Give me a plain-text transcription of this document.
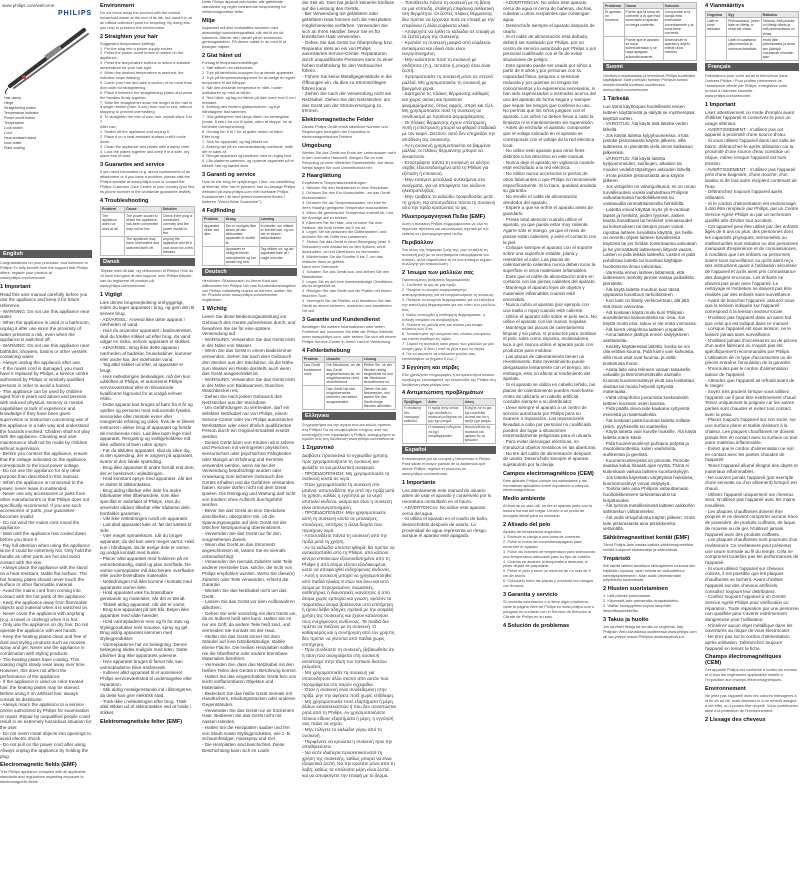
www.philips.com/welcome
PHILIPS
Hair clamp
Hinge
Straightening plates
Temperature indicator
Power on/off button
Temperature
Lock switch
Cord
Heat-resistant stand
Ionic outlet
Plate coating
English
Congratulations on your purchase, and welcome to Philips! To fully benefit from the support that Philips offers, register your product at www.philips.com/welcome.
1 Important
Read this user manual carefully before you use the appliance and keep it for future reference.
- WARNING: Do not use this appliance near water.
- When the appliance is used in a bathroom, unplug it after use since the proximity of water presents a risk, even when the appliance is switched off.
- WARNING: Do not use this appliance near bathtubs, showers, basins or other vessels containing water.
- Always unplug the appliance after use.
- If the mains cord is damaged, you must have it replaced by Philips, a service centre authorised by Philips or similarly qualified persons in order to avoid a hazard.
- This appliance can be used by children aged from 8 years and above and persons with reduced physical, sensory or mental capabilities or lack of experience and knowledge if they have been given supervision or instruction concerning use of the appliance in a safe way and understand the hazards involved. Children shall not play with the appliance. Cleaning and user maintenance shall not be made by children without supervision.
- Before you connect the appliance, ensure that the voltage indicated on the appliance corresponds to the local power voltage.
- Do not use the appliance for any other purpose than described in this manual.
- When the appliance is connected to the power, never leave it unattended.
- Never use any accessories or parts from other manufacturers or that Philips does not specifically recommend. If you use such accessories or parts, your guarantee becomes invalid.
- Do not wind the mains cord round the appliance.
- Wait until the appliance has cooled down before you store it.
- Pay full attention when using the appliance since it could be extremely hot. Only hold the handle as other parts are hot and avoid contact with the skin.
- Always place the appliance with the stand on a heat-resistant, stable flat surface. The hot heating plates should never touch the surface or other flammable material.
- Avoid the mains cord from coming into contact with the hot parts of the appliance.
- Keep the appliance away from flammable objects and material when it is switched on.
- Never cover the appliance with anything (e.g. a towel or clothing) when it is hot.
- Only use the appliance on dry hair. Do not operate the appliance with wet hands.
- Keep the heating plates clean and free of dust and styling products such as mousse, spray and gel. Never use the appliance in combination with styling products.
- The heating plates have coating. This coating might slowly wear away over time. However, this does not affect the performance of the appliance.
- If the appliance is used on color-treated hair, the heating plates may be stained. Before using it on artificial hair, always consult its distributor.
- Always return the appliance to a service centre authorized by Philips for examination or repair. Repair by unqualified people could result in an extremely hazardous situation for the user.
- Do not insert metal objects into openings to avoid electric shock.
- Do not pull on the power cord after using. Always unplug the appliance by holding the plug.
Electromagnetic fields (EMF)
This Philips appliance complies with all applicable standards and regulations regarding exposure to electromagnetic fields.
Environment
Do not throw away the product with the normal household waste at the end of its life, but hand it in at an official collection point for recycling. By doing this, you help to preserve the environment.
2 Straighten your hair
Suggested temperature settings
1  Put the plug into a power supply socket.
2  Press the power on/off button to switch on the appliance.
3  Press the temperature buttons to select a suitable temperature for your hair type.
4  When the desired temperature is reached, the indicator stops flashing.
5  Comb your hair and take a section of no more than 5cm wide for straightening.
6  Place it between the straightening plates and press the handles firmly together.
7  Slide the straightener down the length of the hair in a single motion (max. 5 sec) from root to end, without stopping to prevent overheating.
8  To straighten the rest of your hair, repeat steps 5 to 7.
After use:
1  Switch off the appliance and unplug it.
2  Place it on a heat-resistant surface until it cools down.
3  Clean the appliance and plates with a damp cloth.
4  Lock the plates together and keep it in a safe, dry place free of dust.
3 Guarantee and service
If you need information e.g. about replacement of an attachment or if you have a problem, please visit the Philips website at www.philips.com or contact the Philips Customer Care Centre in your country (you find its phone number in the worldwide guarantee leaflet).
4 Troubleshooting
Problem	Cause	Solution
The appliance does not work at all.	The power socket to which the appliance has been connected may not be live.	Check if the plug is connected correctly and the power socket is live.
	The appliance may have overheated and switched itself off.	Unplug the appliance and let it cool down for a few minutes.
Dansk
Tillykke med dit køb, og velkommen til Philips! Hvis du vil have fuld gavn af den support, som Philips tilbyder, kan du registrere dit produkt på www.philips.com/welcome.
1 Vigtigt
Læs denne brugsvejledning omhyggeligt, inden du tager apparatet i brug, og gem den til senere brug.
- ADVARSEL: Anvend ikke dette apparat i nærheden af vand.
- Hvis du anvender apparatet i badeværelset, skal du trække stikket ud efter brug, da vand udgør en risiko, selvom apparatet er slukket.
- ADVARSEL: Brug ikke dette apparat i nærheden af badekar, brusekabiner, kummer eller andre kar, der indeholder vand.
- Tag altid stikket ud efter, at apparatet er brugt.
- Hvis netledningen beskadiges, må den kun udskiftes af Philips, et autoriseret Philips serviceværksted eller en tilsvarende kvalificeret fagmand for at undgå enhver risiko.
- Dette apparat kan bruges af børn fra 8 år og opefter og personer med reducerede fysiske, sensoriske eller mentale evner eller manglende erfaring og viden, hvis de er blevet instrueret i sikker brug af apparatet og forstår de involverede risici. Lad ikke børn lege med apparatet. Rengøring og vedligeholdelse må ikke udføres af børn uden opsyn.
- Før du tilslutter apparatet, skal du sikre dig, at den spænding, der er angivet på apparatet, svarer til den lokale spænding.
- Brug ikke apparatet til andre formål end dem, der er beskrevet i vejledningen.
- Hold konstant opsyn med apparatet, når det er sluttet til stikkontakten.
- Brug aldrig tilbehør eller dele fra andre fabrikanter eller tilbehør/dele, som ikke specifikt er anbefalet af Philips. Hvis du anvender sådant tilbehør eller sådanne dele, bortfalder garantien.
- Vikl ikke netledningen rundt om apparatet.
- Lad altid apparatet køle af, før det sættes til side.
- Vær meget opmærksom, når du bruger apparatet, da det kan være meget varmt. Hold kun i håndtaget, da de øvrige dele er varme, og undgå kontakt med huden.
- Placer altid apparatet med holderen på en varmebestandig, stabil og plan overflade. De varme varmeplader må ikke berøre overfladen eller andre brændbare materialer.
- Netledningen må ikke komme i kontakt med apparatets varme dele.
- Hold apparatet væk fra brændbare genstande og materialer, når det er tændt.
- Tildæk aldrig apparatet, når det er varmt.
- Brug kun apparatet på tørt hår. Betjen ikke apparatet med våde hænder.
- Hold varmepladerne rene og fri for støv og stylingprodukter som mousse, spray og gel. Brug aldrig apparatet sammen med stylingprodukter.
- Varmepladerne har en belægning. Denne belægning slides muligvis med tiden. Dette påvirker dog ikke apparatets ydeevne.
- Hvis apparatet bruges til farvet hår, kan varmepladerne blive misfarvede.
- Indlever altid apparatet til et autoriseret Philips serviceværksted til undersøgelse eller reparation.
- Stik aldrig metalgenstande ind i åbningerne, da dette kan give elektrisk stød.
- Træk ikke i netledningen efter brug. Træk altid stikket ud af stikkontakten ved at holde i stikket.
Elektromagnetiske felter (EMF)
Dette Philips apparat overholder alle gældende standarder og regler vedrørende eksponering for elektromagnetiske felter.
Miljø
Apparatet må ikke bortskaffes sammen med almindeligt husholdningsaffald, når det til sin tid kasseres. Aflever det i stedet på en kommunal genbrugsstation. På denne måde er du med til at beskytte miljøet.
2 Glat håret ud
Forslag til temperaturindstillinger
1  Sæt stikket i en stikkontakt.
2  Tryk på tænd/sluk-knappen for at tænde apparatet.
3  Tryk på temperaturknapperne for at vælge en egnet temperatur til din hårtype.
4  Når den ønskede temperatur er nået, holder indikatoren op med at blinke.
5  Red håret, og tag en hårlok på ikke mere end 5 cm i bredden.
6  Anbring den mellem glattepladerne, og tryk håndtagene fast sammen.
7  Glid glattejernet ned langs håret i én bevægelse (maks. 5 sek.) fra rod til spids, uden at stoppe, for at forhindre overophedning.
8  Gentag trin 5 til 7 for at glatte resten af håret.
Efter brug:
1  Sluk for apparatet, og tag stikket ud.
2  Anbring det på en varmebestandig overflade, indtil det er kølet af.
3  Rengør apparatet og pladerne med en fugtig klud.
4  Lås pladerne sammen, og opbevar apparatet på et sikkert, tørt og støvfrit sted.
3 Garanti og service
Hvis du har brug for oplysninger, f.eks. om udskiftning af tilbehør, eller har et problem, kan du besøge Philips' websted på www.philips.com eller kontakte Philips Kundecenter i dit land (telefonnummeret findes i folderen "World-Wide Guarantee").
4 Fejlfinding
Problem	Årsag	Løsning
Apparatet virker slet ikke.	Der er muligvis ikke strøm på den stikkontakt, apparatet er sluttet til.	Kontrollér, om stikket er korrekt isat, og om der er strøm i stikkontakten.
	Apparatet er muligvis blevet overophedet og har slukket sig selv.	Tag stikket ud, og lad apparatet køle af i nogle minutter.
Deutsch
Herzlichen Glückwunsch zu Ihrem Kauf und willkommen bei Philips! Um das Kundendienstangebot von Philips vollständig nutzen zu können, sollten Sie Ihr Produkt unter www.philips.com/welcome registrieren.
1 Wichtig
Lesen Sie diese Bedienungsanleitung vor Gebrauch des Geräts aufmerksam durch, und bewahren Sie sie für eine spätere Verwendung auf.
- WARNUNG: Verwenden Sie das Gerät nicht in der Nähe von Wasser.
- Wenn Sie das Gerät in einem Badezimmer verwenden, ziehen Sie nach dem Gebrauch den Stecker aus der Steckdose, da die Nähe zum Wasser ein Risiko darstellt, auch wenn das Gerät ausgeschaltet ist.
- WARNUNG: Verwenden Sie das Gerät nicht in der Nähe von Badewannen, Duschen, Waschbecken etc.
- Ziehen Sie nach jedem Gebrauch den Netzstecker aus der Steckdose.
- Um Gefährdungen zu vermeiden, darf ein defektes Netzkabel nur von Philips, einem Service-Center oder von Philips autorisierten Werkstätten oder einer ähnlich qualifizierten Person durch ein Original-Ersatzteil ersetzt werden.
- Dieses Gerät kann von Kindern ab 8 Jahren und Personen mit verringerten physischen, sensorischen oder psychischen Fähigkeiten oder Mangel an Erfahrung und Kenntnis verwendet werden, wenn sie bei der Verwendung beaufsichtigt wurden oder Anweisung zum sicheren Gebrauch des Geräts erhalten und die Gefahren verstanden haben. Kinder dürfen nicht mit dem Gerät spielen. Die Reinigung und Wartung darf nicht von Kindern ohne Aufsicht durchgeführt werden.
- Bevor Sie das Gerät an eine Steckdose anschließen, überprüfen Sie, ob die Spannungsangabe auf dem Gerät mit der örtlichen Netzspannung übereinstimmt.
- Verwenden Sie das Gerät nur für den vorgesehenen Zweck.
- Wenn das Gerät an das Stromnetz angeschlossen ist, lassen Sie es niemals unbeaufsichtigt.
- Verwenden Sie niemals Zubehör oder Teile anderer Hersteller bzw. solche, die nicht von Philips empfohlen wurden. Wenn Sie diese(s) Zubehör oder Teile verwenden, erlischt die Garantie.
- Wickeln Sie das Netzkabel nicht um das Gerät.
- Lassen Sie das Gerät vor dem Aufbewahren abkühlen.
- Gehen Sie sehr vorsichtig mit dem Gerät um, da es äußerst heiß sein kann. Halten Sie es nur am Griff, da andere Teile heiß sind, und vermeiden Sie Kontakt mit der Haut.
- Stellen Sie das Gerät immer mit dem Ständer auf eine hitzebeständige, stabile ebene Fläche. Die heißen Heizplatten sollten nie die Oberfläche oder andere brennbare Materialien berühren.
- Vermeiden Sie, dass das Netzkabel mit den heißen Teilen des Geräts in Berührung kommt.
- Halten Sie das eingeschaltete Gerät fern von leicht entflammbaren Objekten und Materialien.
- Bedecken Sie das heiße Gerät niemals mit Handtüchern, Kleidungsstücken oder anderen Gegenständen.
- Verwenden Sie das Gerät nur an trockenem Haar. Bedienen Sie das Gerät nicht mit nassen Händen.
- Halten Sie die Heizplatten sauber und frei von Staub sowie Stylingprodukten, wie z. B. Schaumfestiger, Haarspray und Gel.
- Die Heizplatten sind beschichtet. Diese Beschichtung kann sich im Laufe
der Zeit ab. Dies hat jedoch keinerlei Einfluss auf die Leistung des Geräts.
- Bei Verwendung mit gefärbtem oder gefärbtem Haar können sich die Heizplatten möglicherweise verfärben. Verwenden Sie sich an Ihren Händler, bevor Sie es für künstliches Haar verwenden.
- Geben Sie das Gerät zur Überprüfung bzw. Reparatur stets an ein von Philips autorisiertes Service-Center. Reparaturen durch unqualifizierte Personen kann zu einer hohen Gefährdung für den Verbraucher führen.
- Führen Sie keine Metallgegenstände in die Öffnungen ein, da dies zu Stromschlägen führen kann.
- Ziehen Sie nach der Verwendung nicht am Netzkabel. Ziehen Sie den Netzstecker, um das Gerät von der Stromversorgung zu trennen.
Elektromagnetische Felder
Dieses Philips Gerät erfüllt sämtliche Normen und Regelungen bezüglich der Exposition in elektromagnetischen Feldern.
Umgebung
Werfen Sie das Gerät am Ende der Lebensdauer nicht in den normalen Hausmüll. Bringen Sie es zum Recycling zu einer offiziellen Sammelstelle. Auf diese Weise tragen Sie zum Umweltschutz bei.
2 Haarglättung
Empfohlene Temperatureinstellungen
1  Stecken Sie den Netzstecker in eine Steckdose.
2  Drücken Sie den Ein-/Ausschalter, um das Gerät einzuschalten.
3  Drücken Sie die Temperaturtasten, um eine für Ihren Haartyp geeignete Temperatur auszuwählen.
4  Wenn die gewünschte Temperatur erreicht ist, hört die Anzeige auf zu blinken.
5  Kämmen Sie Ihr Haar, und nehmen Sie eine Strähne, die nicht breiter als 5 cm ist.
6  Legen Sie sie zwischen die Glätterplatten, und drücken Sie die Griffe fest zusammen.
7  Ziehen Sie das Gerät in einer Bewegung (max. 5 Sekunden) vom Ansatz bis zu den Spitzen, ohne anzuhalten, um ein Überhitzen zu vermeiden.
8  Wiederholen Sie die Schritte 5 bis 7, um das restliche Haar zu glätten.
Nach dem Gebrauch:
1  Schalten Sie das Gerät aus, und ziehen Sie den Netzstecker.
2  Legen Sie es auf eine hitzebeständige Oberfläche, bis es abgekühlt ist.
3  Reinigen Sie das Gerät und die Platten mit einem feuchten Tuch.
4  Verriegeln Sie die Platten, und bewahren Sie das Gerät an einem sicheren, trockenen und staubfreien Ort auf.
3 Garantie und Kundendienst
Benötigen Sie weitere Informationen oder treten Probleme auf, besuchen Sie bitte die Philips Website unter www.philips.com, oder setzen Sie sich mit einem Philips Service-Center in Ihrem Land in Verbindung.
4 Fehlerbehebung
Problem	Ursache	Lösung
Das Gerät funktioniert nicht.	Die Steckdose, an die das Gerät angeschlossen ist, ist möglicherweise nicht stromführend.	Prüfen Sie, ob der Stecker richtig eingesteckt ist und die Steckdose stromführend ist.
	Das Gerät hat sich möglicherweise überhitzt und selbst ausgeschaltet.	Ziehen Sie den Netzstecker, und lassen Sie das Gerät einige Minuten abkühlen.
Ελληνικα
Συγχαρητήρια για την αγορά σας και καλώς ορίσατε στη Philips! Για να επωφεληθείτε πλήρως από την υποστήριξη που προσφέρει η Philips, καταχωρήστε το προϊόν σας στη διεύθυνση www.philips.com/welcome.
1 Σημαντικό
Διαβάστε προσεκτικά το εγχειρίδιο χρήσης πριν χρησιμοποιήσετε τη συσκευή και φυλάξτε το για μελλοντική αναφορά.
- ΠΡΟΕΙΔΟΠΟΙΗΣΗ: Μη χρησιμοποιείτε τη συσκευή κοντά σε νερό.
- Όταν χρησιμοποιείτε τη συσκευή στο μπάνιο, αποσυνδέστε την από την πρίζα μετά τη χρήση, καθώς η εγγύτητα με το νερό αποτελεί κίνδυνο, ακόμα και όταν η συσκευή είναι απενεργοποιημένη.
- ΠΡΟΕΙΔΟΠΟΙΗΣΗ: Μην χρησιμοποιείτε αυτή τη συσκευή κοντά σε μπανιέρες, ντουζιέρες, νιπτήρες ή άλλα δοχεία που περιέχουν νερό.
- Αποσυνδέετε πάντα τη συσκευή από την πρίζα μετά τη χρήση.
- Αν το καλώδιο υποστεί φθορά, θα πρέπει να αντικατασταθεί από τη Philips, από κάποιο κέντρο επισκευών εξουσιοδοτημένο από τη Philips ή από άτομα εξίσου εξειδικευμένα, ώστε να αποφευχθεί ενδεχόμενος κίνδυνος.
- Αυτή η συσκευή μπορεί να χρησιμοποιηθεί από παιδιά ηλικίας 8 ετών και άνω και από άτομα με περιορισμένες σωματικές, αισθητήριες ή διανοητικές ικανότητες ή από άτομα χωρίς εμπειρία και γνώση, εφόσον τα παραπάνω άτομα βρίσκονται υπό επιτήρηση ή έχουν λάβει οδηγίες σχετικά με την ασφαλή χρήση της συσκευής και έχουν κατανοήσει τους ενεχόμενους κινδύνους. Τα παιδιά δεν πρέπει να παίζουν με τη συσκευή. Ο καθαρισμός και η συντήρηση από τον χρήστη δεν πρέπει να γίνονται από παιδιά χωρίς επιτήρηση.
- Πριν συνδέσετε τη συσκευή, βεβαιωθείτε ότι η τάση που αναγράφεται στη συσκευή αντιστοιχεί στην τάση του τοπικού δικτύου ρεύματος.
- Μη χρησιμοποιείτε τη συσκευή για οποιονδήποτε άλλο σκοπό από αυτόν που περιγράφεται στο παρόν εγχειρίδιο.
- Όταν η συσκευή είναι συνδεδεμένη στην πρίζα, μην την αφήνετε ποτέ χωρίς επίβλεψη.
- Μη χρησιμοποιείτε ποτέ εξαρτήματα ή μέρη άλλων κατασκευαστών ή που δεν συνιστώνται ρητά από τη Philips. Αν χρησιμοποιήσετε τέτοιου είδους εξαρτήματα ή μέρη, η εγγύησή σας παύει να ισχύει.
- Μην τυλίγετε το καλώδιο γύρω από τη συσκευή.
- Περιμένετε να κρυώσει η συσκευή πριν την αποθηκεύσετε.
- Να είστε ιδιαίτερα προσεκτικοί κατά τη χρήση της συσκευής, καθώς μπορεί να είναι εξαιρετικά ζεστή. Να την κρατάτε μόνο από τη λαβή, καθώς τα υπόλοιπα μέρη είναι ζεστά, και να αποφεύγετε την επαφή με το δέρμα.
- Τοποθετείτε πάντα τη συσκευή με τη βάση σε μια επίπεδη, σταθερή επιφάνεια ανθεκτική στη θερμότητα. Οι ζεστές πλάκες θέρμανσης δεν πρέπει να έρχονται ποτέ σε επαφή με την επιφάνεια ή άλλα εύφλεκτα υλικά.
- Αποφύγετε να έρθει το καλώδιο σε επαφή με τα ζεστά μέρη της συσκευής.
- Κρατάτε τη συσκευή μακριά από εύφλεκτα αντικείμενα και υλικά όταν είναι ενεργοποιημένη.
- Μην καλύπτετε ποτέ τη συσκευή με οτιδήποτε (π.χ. πετσέτα ή ρούχα) όταν είναι ζεστή.
- Χρησιμοποιείτε τη συσκευή μόνο σε στεγνά μαλλιά. Μη χρησιμοποιείτε τη συσκευή με βρεγμένα χέρια.
- Διατηρείτε τις πλάκες θέρμανσης καθαρές και χωρίς σκόνη και προϊόντα φορμαρίσματος, όπως αφρός, σπρέι και τζελ. Μη χρησιμοποιείτε ποτέ τη συσκευή σε συνδυασμό με προϊόντα φορμαρίσματος.
- Οι πλάκες θέρμανσης έχουν επίστρωση. Αυτή η επίστρωση μπορεί να φθαρεί σταδιακά με τον καιρό. Ωστόσο, αυτό δεν επηρεάζει την απόδοση της συσκευής.
- Αν η συσκευή χρησιμοποιείται σε βαμμένα μαλλιά, οι πλάκες θέρμανσης μπορεί να λεκιαστούν.
- Επιστρέφετε πάντα τη συσκευή σε κέντρο σέρβις εξουσιοδοτημένο από τη Philips για εξέταση ή επισκευή.
- Μην εισάγετε μεταλλικά αντικείμενα στα ανοίγματα, για να αποφύγετε τον κίνδυνο ηλεκτροπληξίας.
- Μην τραβάτε το καλώδιο τροφοδοσίας μετά τη χρήση. Να αποσυνδέετε πάντα τη συσκευή από την πρίζα κρατώντας το φις.
Ηλεκτρομαγνητικά Πεδία (EMF)
Αυτή η συσκευή Philips συμμορφώνεται με όλα τα ισχύοντα πρότυπα και κανονισμούς σχετικά με την έκθεση σε ηλεκτρομαγνητικά πεδία.
Περιβάλλον
Στο τέλος της διάρκειας ζωής της, μην πετάξετε τη συσκευή μαζί με τα συνηθισμένα απορρίμματα του σπιτιού, αλλά παραδώστε τη σε ένα επίσημο σημείο συλλογής για ανακύκλωση.
2 Ίσιωμα των μαλλιών σας
Προτεινόμενες ρυθμίσεις θερμοκρασίας
1  Συνδέστε το φις σε μια πρίζα.
2  Πατήστε το κουμπί ενεργοποίησης/απενεργοποίησης για να ενεργοποιήσετε τη συσκευή.
3  Πατήστε τα κουμπιά θερμοκρασίας για να επιλέξετε την κατάλληλη θερμοκρασία για τον τύπο των μαλλιών σας.
4  Μόλις επιτευχθεί η επιθυμητή θερμοκρασία, η ένδειξη σταματά να αναβοσβήνει.
5  Χτενίστε τα μαλλιά σας και πιάστε μια τούφα πλάτους έως 5 εκ.
6  Τοποθετήστε την ανάμεσα στις πλάκες ισιώματος και πιέστε σταθερά τις λαβές.
7  Σύρετε τη συσκευή κατά μήκος των μαλλιών με μία κίνηση (μέγ. 5 δευτ.) από τη ρίζα προς τις άκρες.
8  Για να ισιώσετε τα υπόλοιπα μαλλιά σας, επαναλάβετε τα βήματα 5 έως 7.
3 Εγγύηση και σέρβις
Εάν χρειάζεστε πληροφορίες ή αντιμετωπίζετε κάποιο πρόβλημα, επισκεφτείτε την ιστοσελίδα της Philips στη διεύθυνση www.philips.com.
4 Αντιμετώπιση προβλημάτων
Πρόβλημα	Αιτία	Λύση
Η συσκευή δεν λειτουργεί καθόλου.	Η πρίζα στην οποία έχει συνδεθεί η συσκευή ενδέχεται να μην έχει ρεύμα.	Ελέγξτε ότι το φις έχει συνδεθεί σωστά και ότι η πρίζα έχει ρεύμα.
	Η συσκευή ενδέχεται να έχει υπερθερμανθεί.	Αποσυνδέστε τη συσκευή και αφήστε τη να κρυώσει.
Español
Enhorabuena por su compra y bienvenido a Philips. Para sacar el mayor partido de la asistencia que ofrece Philips, registre el producto en www.philips.com/welcome.
1 Importante
Lea atentamente este manual de usuario antes de usar el aparato y consérvelo por si necesitara consultarlo en el futuro.
- ADVERTENCIA: No utilice este aparato cerca del agua.
- Si utiliza el aparato en el cuarto de baño, desenchúfelo después de usarlo. La proximidad de agua representa un riesgo, aunque el aparato esté apagado.
- ADVERTENCIA: No utilice este aparato cerca de agua ni cerca de bañeras, duchas, cubetas u otros recipientes que contengan agua.
- Desenchufe siempre el aparato después de usarlo.
- Si el cable de alimentación está dañado, deberá ser sustituido por Philips, por un centro de servicio autorizado por Philips o por personal cualificado con el fin de evitar situaciones de peligro.
- Este aparato puede ser usado por niños a partir de 8 años y por personas con su capacidad física, psíquica o sensorial reducida y por quienes no tengan los conocimientos y la experiencia necesarios, si han sido supervisados o instruidos acerca del uso del aparato de forma segura y siempre que sepan los riesgos que conlleva su uso. No permita que los niños jueguen con el aparato. Los niños no deben llevar a cabo la limpieza ni el mantenimiento sin supervisión.
- Antes de enchufar el aparato, compruebe que el voltaje indicado en el aparato se corresponde con el voltaje de la red eléctrica local.
- No utilice este aparato para otros fines distintos a los descritos en este manual.
- Nunca deje el aparato sin vigilancia cuando esté enchufado a la red eléctrica.
- No utilice nunca accesorios ni piezas de otros fabricantes o que Philips no recomiende específicamente. Si lo hace, quedará anulada su garantía.
- No enrolle el cable de alimentación alrededor del aparato.
- Espere a que se enfríe el aparato antes de guardarlo.
- Preste total atención cuando utilice el aparato, ya que puede estar muy caliente. Agarre sólo el mango, ya que el resto de piezas están calientes, y evite el contacto con la piel.
- Coloque siempre el aparato con el soporte sobre una superficie estable, plana y resistente al calor. Las placas de calentamiento calientes nunca deben tocar la superficie ni otros materiales inflamables.
- Evite que el cable de alimentación entre en contacto con las piezas calientes del aparato.
- Mantenga el aparato lejos de objetos y materiales inflamables cuando esté encendido.
- Nunca cubra el aparato (por ejemplo con una toalla o ropa) cuando esté caliente.
- Utilice el aparato sólo sobre el pelo seco. No utilice el aparato con las manos mojadas.
- Mantenga las placas de calentamiento limpias y sin polvo, ni productos para moldear el pelo, tales como espuma, moldeadores, laca o gel. Nunca utilice el aparato junto con productos para moldear.
- Las placas de calentamiento tienen un revestimiento. Este revestimiento puede desgastarse lentamente con el tiempo. Sin embargo, esto no afecta al rendimiento del aparato.
- Si el aparato se utiliza en cabello teñido, las placas de calentamiento pueden mancharse. Antes de utilizarlo en cabello artificial, consulte siempre a su distribuidor.
- Lleve siempre el aparato a un centro de servicio autorizado por Philips para su examen o reparación. Las reparaciones llevadas a cabo por personal no cualificado pueden dar lugar a situaciones extremadamente peligrosas para el usuario.
- Para evitar descargas eléctricas, no introduzca objetos metálicos en las aberturas.
- No tire del cable de alimentación después de usarlo. Desenchufe siempre el aparato sujetándolo por la clavija.
Campos electromagnéticos (CEM)
Este aparato Philips cumple los estándares y las normativas aplicables sobre exposición a campos electromagnéticos.
Medio ambiente
Al final de su vida útil, no tire el aparato junto con la basura normal del hogar. Llévelo a un punto de recogida oficial para su reciclado.
2 Alisado del pelo
Ajustes de temperatura sugeridos
1  Enchufe la clavija a una toma de corriente.
2  Pulse el botón de encendido/apagado para encender el aparato.
3  Pulse los botones de temperatura para seleccionar una temperatura adecuada para su tipo de cabello.
4  Cuando se alcance la temperatura deseada, el piloto dejará de parpadear.
5  Peine el pelo y tome un mechón de no más de 5 cm de ancho.
6  Colóquelo entre las placas y presione los mangos con firmeza.
3 Garantía y servicio
Si necesita información o si tiene algún problema, visite la página Web de Philips en www.philips.com o póngase en contacto con el Servicio de Atención al Cliente de Philips en su país.
4 Solución de problemas
Problema	Causa	Solución
El aparato no funciona.	Puede que la toma de corriente a la que está conectado el aparato no tenga corriente.	Compruebe si la clavija está enchufada correctamente y la toma tiene corriente.
	Puede que el aparato se haya sobrecalentado y se haya apagado automáticamente.	Desenchufe el aparato y déjelo enfriar unos minutos.
Suomi
Onnittelut ostoksestasi ja tervetuloa Philips-tuotteiden käyttäjäksi! Saat parhaan hyödyn Philipsin tuesta rekisteröimällä tuotteesi osoitteessa www.philips.com/welcome.
1 Tärkeää
Lue tämä käyttöopas huolellisesti ennen laitteen käyttämistä ja säilytä se myöhempää käyttöä varten.
- VAROITUS: Älä käytä tätä laitetta veden lähellä.
- Jos käytät laitetta kylpyhuoneessa, irrota pistoke pistorasiasta käytön jälkeen, sillä laitteessa on jännitettä vielä virran katkaisun jälkeenkin.
- VAROITUS: Älä käytä laitetta kylpyammeiden, suihkujen, altaiden tai muiden vedellä täytettyjen astioiden lähellä.
- Irrota pistoke pistorasiasta aina käytön jälkeen.
- Jos virtajohto on vahingoittunut, se on oman turvallisuutesi vuoksi vaihdettava Philipsin valtuuttamassa huoltoliikkeessä tai vastaavalla ammattitaitoisella henkilöllä.
- Laitetta voivat käyttää myös yli 8-vuotiaat lapset ja henkilöt, joiden fyysiset, aistien kautta havaittavat tai henkiset ominaisuudet tai kokemuksen tai tietojen puute voivat rajoittaa laitteen turvallista käyttöä, jos heille on annettu ohjeet laitteen turvallisesta käytöstä tai jos heidän toimintaansa valvotaan ja he ymmärtävät laitteeseen liittyvät vaarat. Lasten ei pidä leikkiä laitteella. Lasten ei pidä puhdistaa laitetta tai suorittaa käyttäjän huoltotoimia ilman valvontaa.
- Varmista ennen laitteen liittämistä, että laitteeseen merkitty jännite vastaa paikallista jännitettä.
- Älä käytä laitetta muuhun kuin tässä oppaassa kuvattuun tarkoitukseen.
- Kun laite on liitetty verkkovirtaan, älä jätä sitä ilman valvontaa.
- Älä koskaan käytä muita kuin Philipsin suosittelemia lisävarusteita tai -osia. Jos käytät muita osia, takuu ei ole enää voimassa.
- Älä kierrä virtajohtoa laitteen ympärille.
- Anna laitteen jäähtyä ennen säilytykseen asettamista.
- Keskity käyttäessäsi laitetta, koska se voi olla erittäin kuuma. Pidä kiinni vain kahvasta, sillä muut osat ovat kuumia, ja vältä kosketusta ihoon.
- Aseta laite aina telineen varaan tasaiselle, vakaalle ja lämmönkestävälle alustalle. Kuumat kuumennuslevyt eivät saa koskettaa alustaa tai muuta helposti syttyvää materiaalia.
- Vältä virtajohdon joutumista kosketuksiin laitteen kuumien osien kanssa.
- Pidä päällä oleva laite kaukana syttyvistä esineistä ja materiaaleista.
- Älä koskaan peitä kuumaa laitetta millään (esim. pyyhkeellä tai vaatteella).
- Käytä laitetta vain kuiville hiuksille. Älä käytä laitetta märin käsin.
- Pidä kuumennuslevyt puhtaina pölystä ja muotoilutuotteista, kuten vaahdosta, suihkeesta ja geelistä.
- Kuumennuslevyissä on pinnoite. Pinnoite saattaa kulua hitaasti ajan myötä. Tämä ei kuitenkaan vaikuta laitteen suorituskykyyn.
- Jos laitetta käytetään värjätyissä hiuksissa, kuumennuslevyt voivat värjäytyä.
- Toimita laite aina Philipsin valtuuttamaan huoltoliikkeeseen tarkistettavaksi tai korjattavaksi.
- Älä työnnä metalliesineitä laitteen aukkoihin sähköiskun välttämiseksi.
- Älä vedä virtajohdosta käytön jälkeen. Irrota laite pistorasiasta aina pistokkeesta vetämällä.
Sähkömagneettiset kentät (EMF)
Tämä Philips-laite vastaa kaikkia sähkömagneettisia kenttiä koskevia standardeja ja säännöksiä.
Ympäristö
Älä hävitä laitetta tavallisen talousjätteen mukana sen käyttöiän lopussa, vaan toimita se valtuutettuun kierrätyspisteeseen. Näin autat vähentämään ympäristön kuormitusta.
2 Hiusten suoristaminen
1  Liitä pistoke pistorasiaan.
2  Käynnistä laite painamalla virtapainiketta.
3  Valitse hiustyypillesi sopiva lämpötila lämpötilapainikkeilla.
3 Takuu ja huolto
Jos tarvitset tietoja tai sinulla on ongelmia, käy Philipsin Web-sivustossa osoitteessa www.philips.com tai ota yhteys maasi Philipsin asiakaspalveluun.
4 Vianmääritys
Ongelma	Syy	Ratkaisu
Laite ei toimi lainkaan.	Pistorasiassa, johon laite on liitetty, ei ehkä ole virtaa.	Tarkista, että pistoke on liitetty oikein ja että pistorasiassa on virtaa.
	Laite on saattanut ylikuumentua ja sammua itsestään.	Irrota laite pistorasiasta ja anna sen jäähtyä muutaman minuutin ajan.
Français
Félicitations pour votre achat et bienvenue dans l'univers Philips ! Pour profiter pleinement de l'assistance offerte par Philips, enregistrez votre produit à l'adresse suivante : www.philips.com/welcome.
1 Important
Lisez attentivement ce mode d'emploi avant d'utiliser l'appareil et conservez-le pour un usage ultérieur.
- AVERTISSEMENT : n'utilisez pas cet appareil à proximité d'une source d'eau.
- Si vous utilisez l'appareil dans une salle de bains, débranchez-le après utilisation car la proximité d'une source d'eau constitue un risque, même lorsque l'appareil est hors tension.
- AVERTISSEMENT : n'utilisez pas l'appareil près d'une baignoire, d'une douche, d'un lavabo ni de tout autre récipient contenant de l'eau.
- Débranchez toujours l'appareil après utilisation.
- Si le cordon d'alimentation est endommagé, il doit être remplacé par Philips, par un Centre Service Agréé Philips ou par un technicien qualifié afin d'éviter tout accident.
- Cet appareil peut être utilisé par des enfants âgés de 8 ans ou plus, des personnes dont les capacités physiques, sensorielles ou intellectuelles sont réduites ou des personnes manquant d'expérience et de connaissances, à condition que ces enfants ou personnes soient sous surveillance ou qu'ils aient reçu des instructions quant à l'utilisation sécurisée de l'appareil et qu'ils aient pris connaissance des dangers encourus. Les enfants ne doivent pas jouer avec l'appareil. Le nettoyage et l'entretien ne doivent pas être réalisés par des enfants sans surveillance.
- Avant de brancher l'appareil, assurez-vous que la tension indiquée sur l'appareil correspond à la tension secteur locale.
- N'utilisez pas l'appareil dans un autre but que celui qui est indiqué dans ce manuel.
- Lorsque l'appareil est sous tension, ne le laissez jamais sans surveillance.
- N'utilisez jamais d'accessoires ou de pièces d'un autre fabricant ou n'ayant pas été spécifiquement recommandés par Philips. L'utilisation de ce type d'accessoires ou de pièces entraîne l'annulation de la garantie.
- N'enroulez pas le cordon d'alimentation autour de l'appareil.
- Attendez que l'appareil ait refroidi avant de le ranger.
- Soyez très prudent lorsque vous utilisez l'appareil car il peut être extrêmement chaud. Tenez uniquement la poignée car les autres parties sont chaudes et évitez tout contact avec la peau.
- Placez toujours l'appareil sur son socle, sur une surface plane et stable résistant à la chaleur. Les plaques chauffantes ne doivent jamais être en contact avec la surface ou tout autre matériau inflammable.
- Évitez que le cordon d'alimentation ne soit en contact avec les parties chaudes de l'appareil.
- Tenez l'appareil allumé éloigné des objets et matériaux inflammables.
- Ne couvrez jamais l'appareil (par exemple d'une serviette ou d'un vêtement) lorsqu'il est chaud.
- Utilisez l'appareil uniquement sur cheveux secs. N'utilisez pas l'appareil avec les mains mouillées.
- Les plaques chauffantes doivent être propres et ne doivent comporter aucune trace de poussière, de produits coiffants, de laque, de mousse ou de gel. N'utilisez jamais l'appareil avec des produits coiffants.
- Les plaques chauffantes sont pourvues d'un revêtement. Ce revêtement peut présenter une usure normale au fil du temps. Cela ne compromet toutefois pas les performances de l'appareil.
- Si vous utilisez l'appareil sur cheveux colorés, il est possible que les plaques chauffantes se tachent. Avant d'utiliser l'appareil sur des cheveux artificiels, consultez toujours leur distributeur.
- Confiez toujours l'appareil à un Centre Service Agréé Philips pour vérification ou réparation. Toute réparation par une personne non qualifiée peut s'avérer extrêmement dangereuse pour l'utilisateur.
- N'insérez aucun objet métallique dans les ouvertures au risque de vous électrocuter.
- Ne tirez pas sur le cordon d'alimentation après utilisation. Débranchez toujours l'appareil en tenant la fiche.
Champs électromagnétiques (CEM)
Cet appareil Philips est conforme à toutes les normes et à tous les règlements applicables relatifs à l'exposition aux champs électromagnétiques.
Environnement
Ne jetez pas l'appareil avec les ordures ménagères à la fin de sa vie, mais déposez-le à un endroit assigné à cet effet, où il pourra être recyclé. Vous contribuerez ainsi à la protection de l'environnement.
2 Lissage des cheveux
